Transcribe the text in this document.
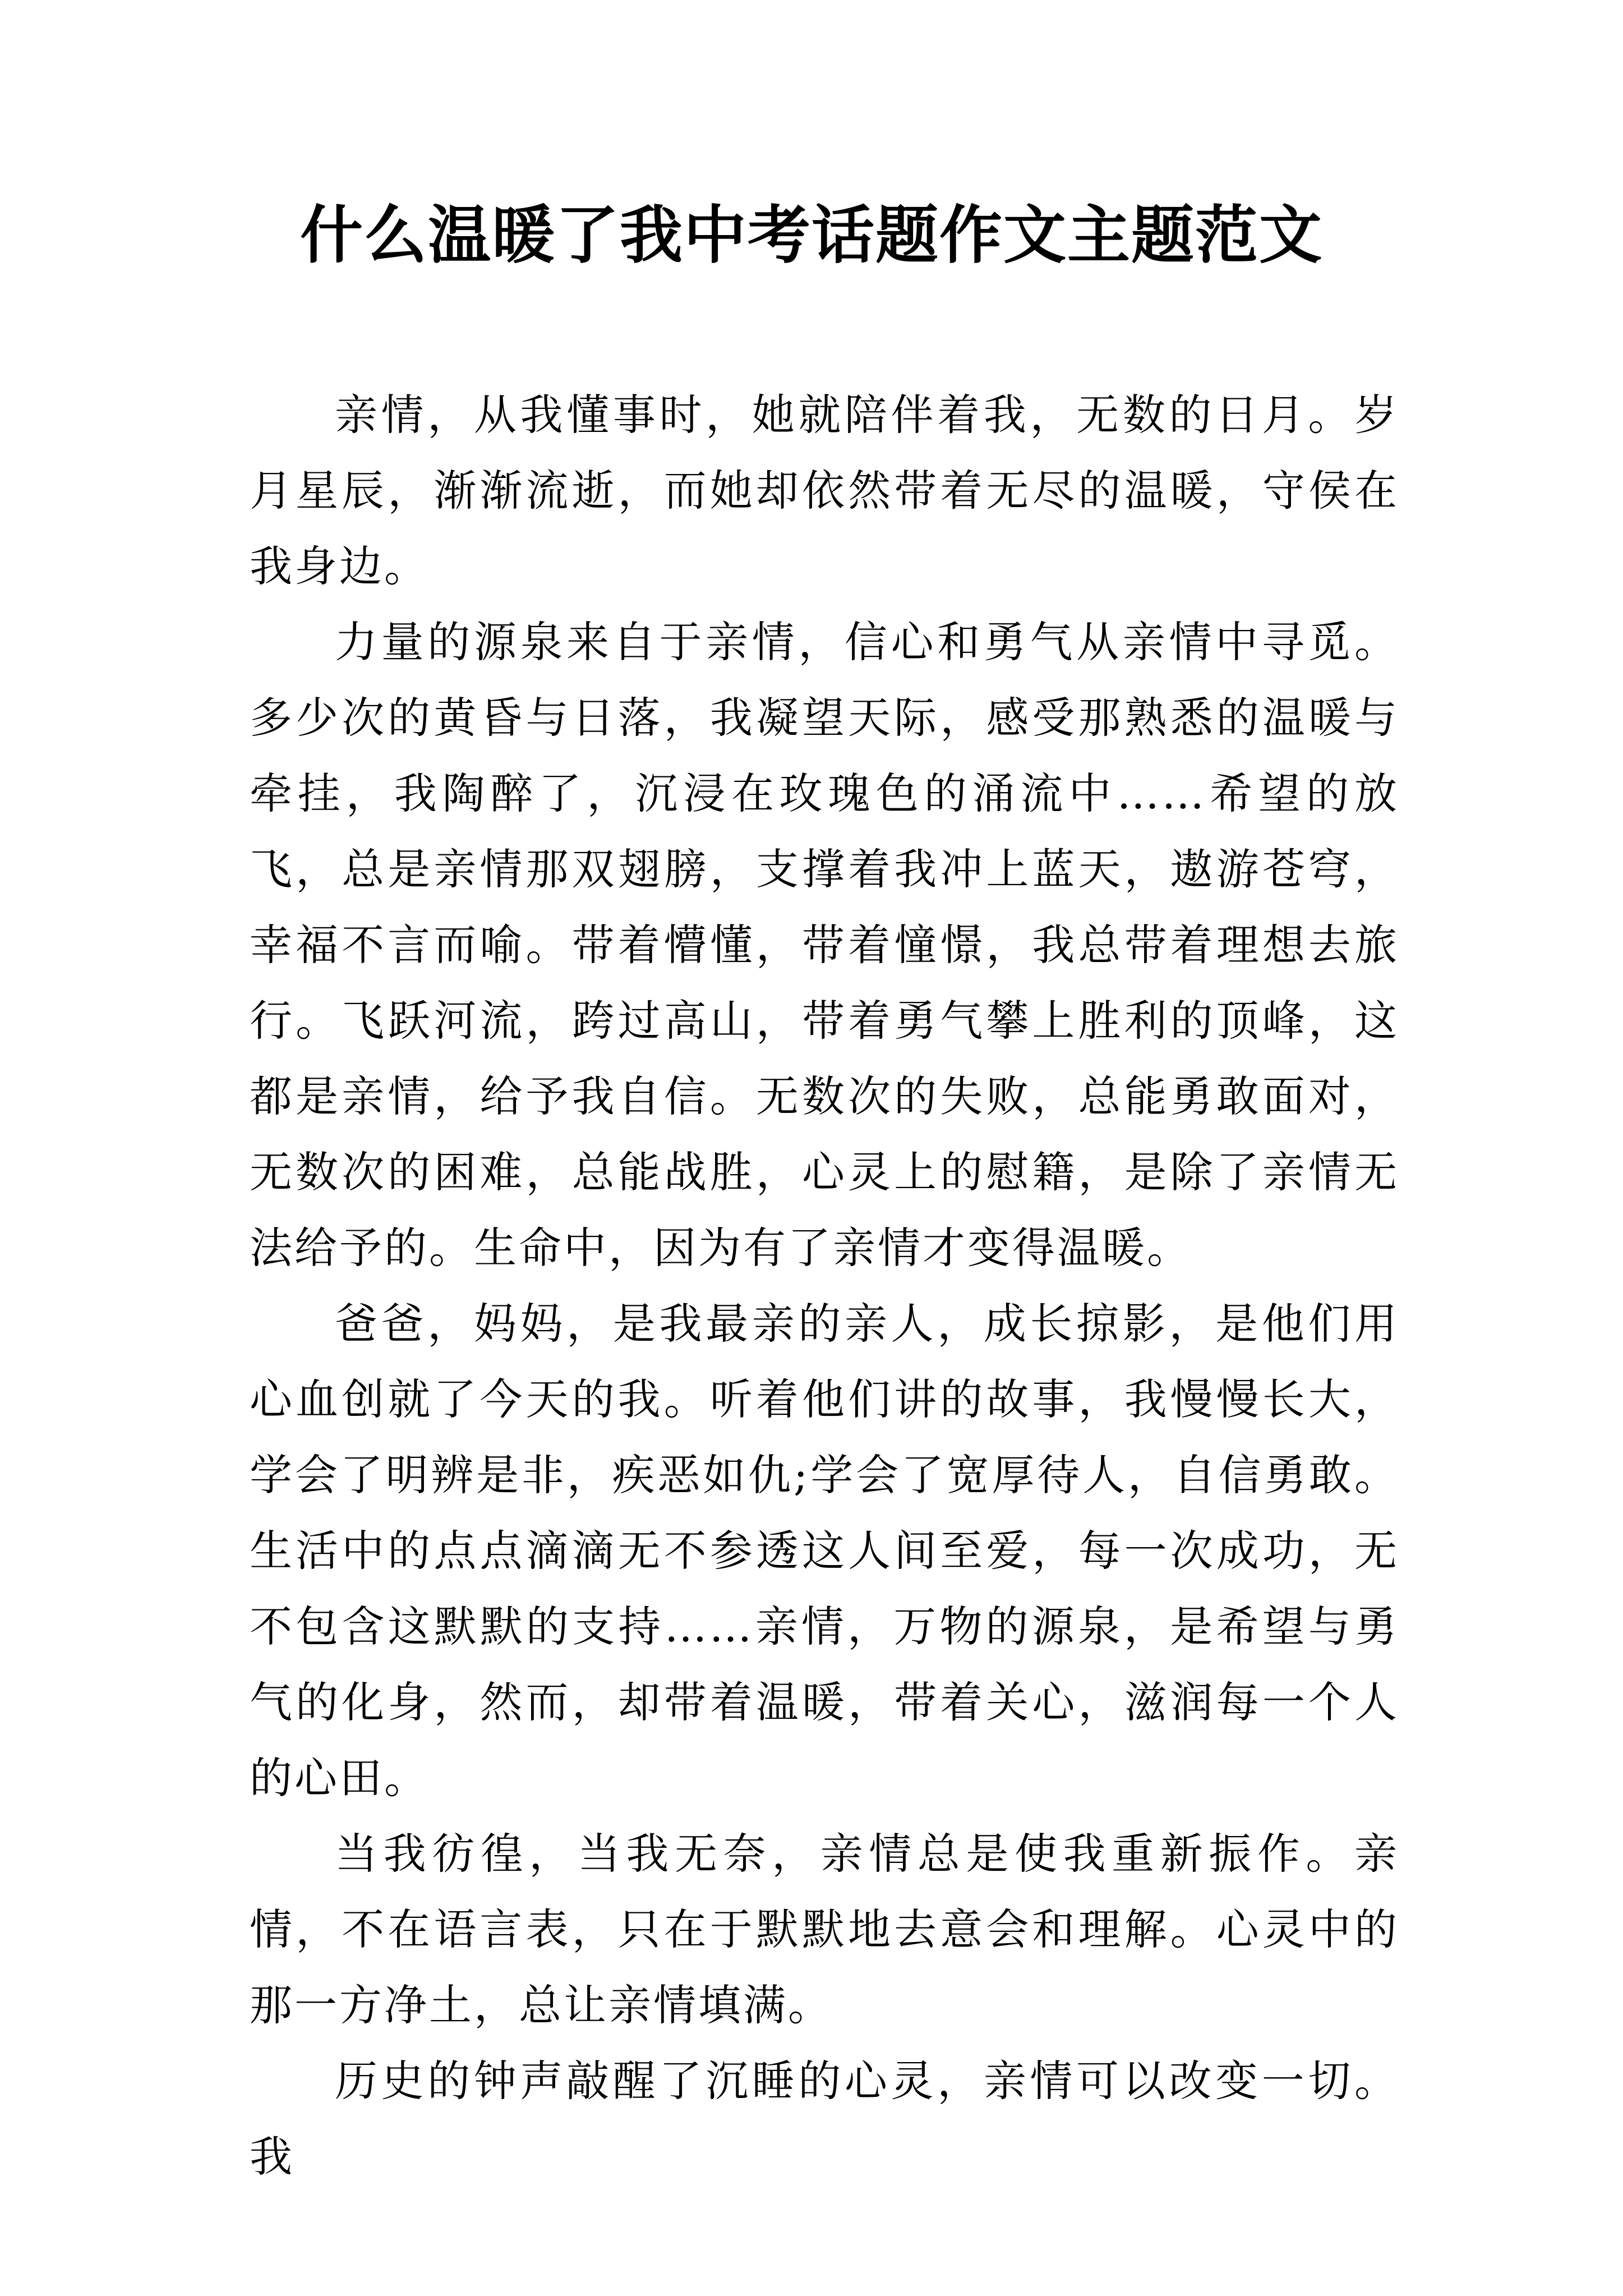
什么温暖了我中考话题作文主题范文

亲情，从我懂事时，她就陪伴着我，无数的日月。岁月星辰，渐渐流逝，而她却依然带着无尽的温暖，守侯在我身边。

力量的源泉来自于亲情，信心和勇气从亲情中寻觅。多少次的黄昏与日落，我凝望天际，感受那熟悉的温暖与牵挂，我陶醉了，沉浸在玫瑰色的涌流中……希望的放飞，总是亲情那双翅膀，支撑着我冲上蓝天，遨游苍穹，幸福不言而喻。带着懵懂，带着憧憬，我总带着理想去旅行。飞跃河流，跨过高山，带着勇气攀上胜利的顶峰，这都是亲情，给予我自信。无数次的失败，总能勇敢面对，无数次的困难，总能战胜，心灵上的慰籍，是除了亲情无法给予的。生命中，因为有了亲情才变得温暖。

爸爸，妈妈，是我最亲的亲人，成长掠影，是他们用心血创就了今天的我。听着他们讲的故事，我慢慢长大，学会了明辨是非，疾恶如仇;学会了宽厚待人，自信勇敢。生活中的点点滴滴无不参透这人间至爱，每一次成功，无不包含这默默的支持……亲情，万物的源泉，是希望与勇气的化身，然而，却带着温暖，带着关心，滋润每一个人的心田。

当我彷徨，当我无奈，亲情总是使我重新振作。亲情，不在语言表，只在于默默地去意会和理解。心灵中的那一方净土，总让亲情填满。

历史的钟声敲醒了沉睡的心灵，亲情可以改变一切。我
